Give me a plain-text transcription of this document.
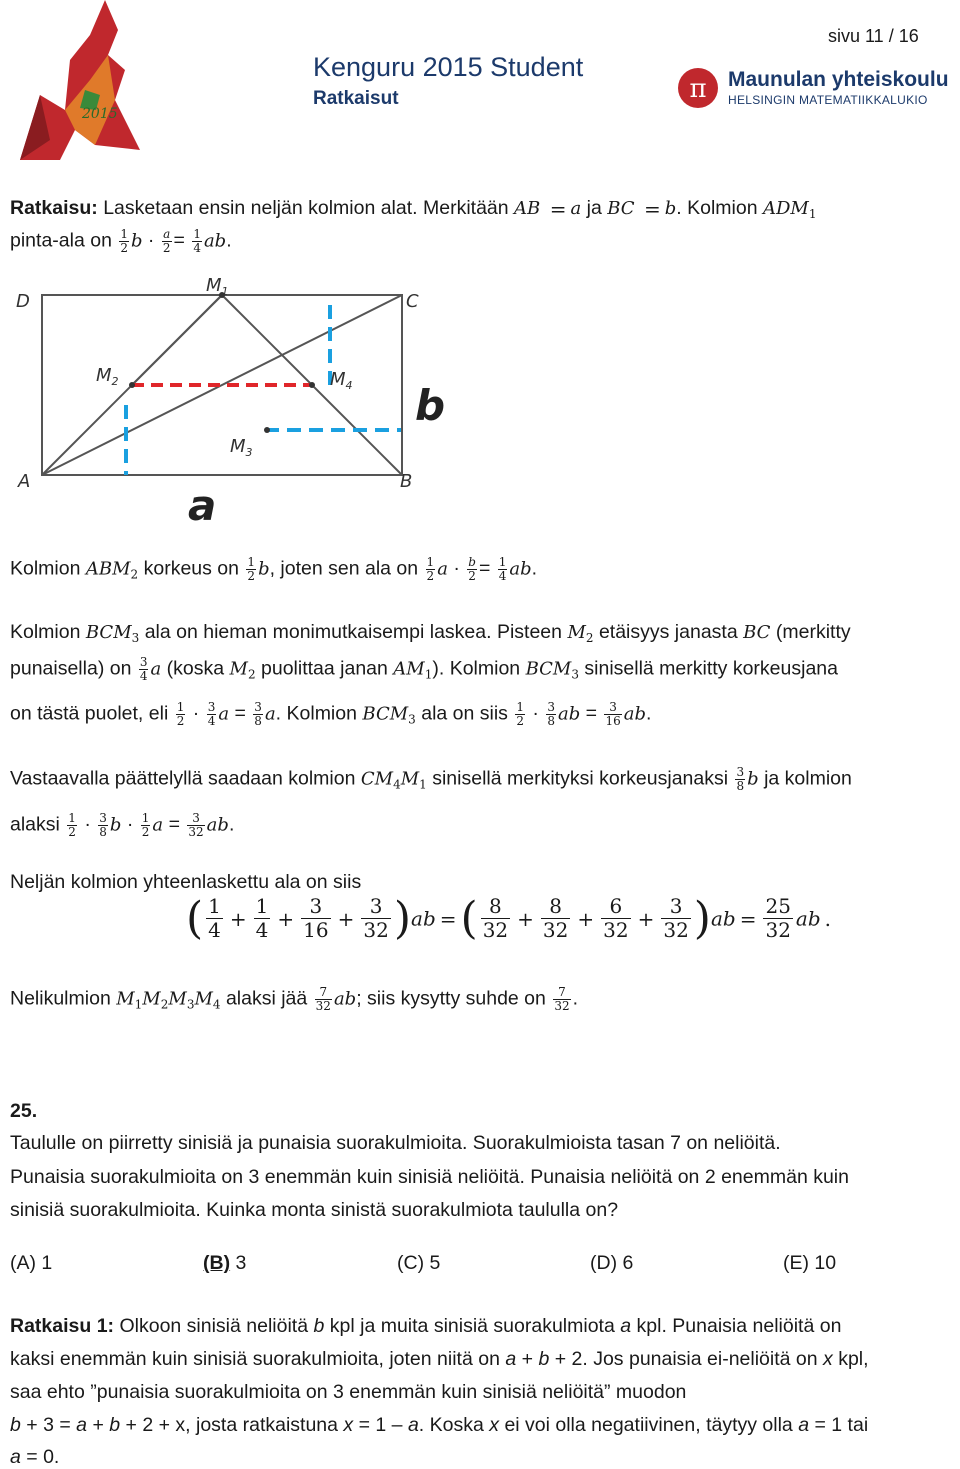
2015
sivu 11 / 16
Kenguru 2015 Student
Ratkaisut	π Maunulan yhteiskoulu
HELSINGIN MATEMATIIKKALUKIO
Ratkaisu: Lasketaan ensin neljän kolmion alat. Merkitään AB = a ja BC = b. Kolmion $ADM_1$
pinta-ala on $\frac{1}{2}$ $b \cdot \frac{a}{2} = \frac{1}{4}$ ab.
D
$M_1$	C
$M_2$	$M_4$
$M_3$
A	B
b
a
Kolmion $ABM_2$ korkeus on $\frac{1}{2} b$, joten sen ala on $\frac{1}{2}$ $a \cdot \frac{b}{2} = \frac{1}{4}$ ab.
Kolmion $BCM_3$ ala on hieman monimutkaisempi laskea. Pisteen $M_2$ etäisyys janasta BC (merkitty
punaisella) on $\frac{3}{4}$ a (koska $M_2$ puolittaa janan $AM_1$). Kolmion $BCM_3$ sinisellä merkitty korkeusjana
on tästä puolet, eli $\frac{1}{2} \cdot \frac{3}{4}$ $a = \frac{3}{8} a$. Kolmion $BCM_3$ ala on siis $\frac{1}{2} \cdot \frac{3}{8}$ ab = $\frac{3}{16}$ ab.
Vastaavalla päättelyllä saadaan kolmion $CM_4M_1$ sinisellä merkityksi korkeusjanaksi $\frac{3}{8}$ b ja kolmion
alaksi $\frac{1}{2} \cdot \frac{3}{8}$ $b \cdot \frac{1}{2}$ $a = \frac{3}{32}$ ab.
Neljän kolmion yhteenlaskettu ala on siis
( $\frac{1}{4} + \frac{1}{4} + \frac{3}{16} + \frac{3}{32} )ab$ =( $\frac{8}{32} + \frac{8}{32} + \frac{6}{32} + \frac{3}{32} )ab = \frac{25}{32}$ ab .
Nelikulmion $M_1M_2M_3M_4$ alaksi jää $\frac{7}{32}$ ab; siis kysytty suhde on $\frac{7}{32}$ .
25.
Taululle on piirretty sinisiä ja punaisia suorakulmioita. Suorakulmioista tasan 7 on neliöitä.
Punaisia suorakulmioita on 3 enemmän kuin sinisiä neliöitä. Punaisia neliöitä on 2 enemmän kuin
sinisiä suorakulmioita. Kuinka monta sinistä suorakulmiota taululla on?
(A) 1	(B) 3	(C) 5	(D) 6	(E) 10
Ratkaisu 1: Olkoon sinisiä neliöitä b kpl ja muita sinisiä suorakulmiota a kpl. Punaisia neliöitä on
kaksi enemmän kuin sinisiä suorakulmioita, joten niitä on a + b + 2. Jos punaisia ei-neliöitä on x kpl,
saa ehto ”punaisia suorakulmioita on 3 enemmän kuin sinisiä neliöitä” muodon
b + 3 = a + b + 2 + x, josta ratkaistuna x = 1 – a. Koska x ei voi olla negatiivinen, täytyy olla a = 1 tai
a = 0.
